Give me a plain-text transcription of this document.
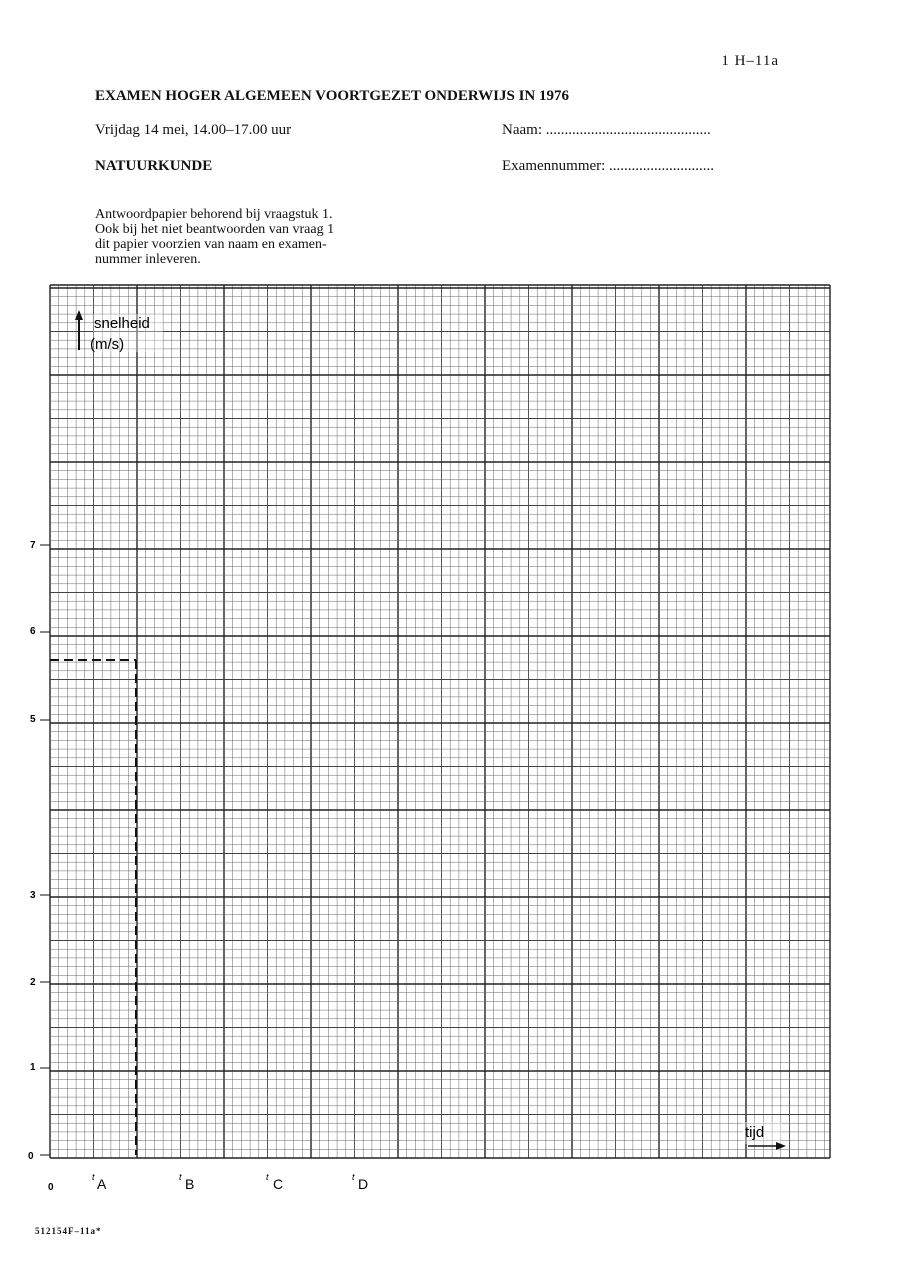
1 H–11a
EXAMEN HOGER ALGEMEEN VOORTGEZET ONDERWIJS IN 1976
Vrijdag 14 mei, 14.00–17.00 uur
NATUURKUNDE
Naam: ............................................
Examennummer: ............................
Antwoordpapier behorend bij vraagstuk 1.
Ook bij het niet beantwoorden van vraag 1
dit papier voorzien van naam en examen-
nummer inleveren.
snelheid
(m/s)
tijd
7
6
5
3
2
1
0
0
t A	t B	t C	t D
512154F–11a*
